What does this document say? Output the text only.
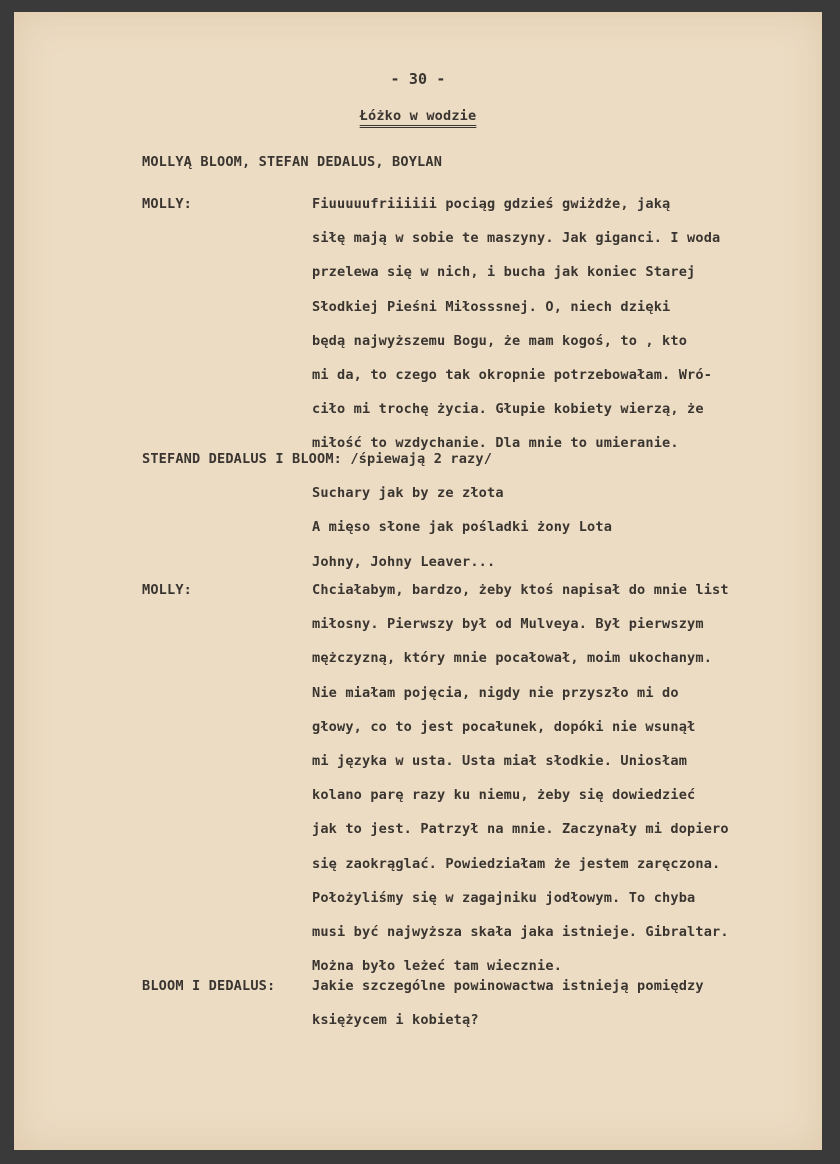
- 30 -
Łóżko w wodzie
MOLLYĄ BLOOM, STEFAN DEDALUS, BOYLAN
MOLLY:	Fiuuuuufriiiiii pociąg gdzieś gwiżdże, jaką
siłę mają w sobie te maszyny. Jak giganci. I woda
przelewa się w nich, i bucha jak koniec Starej
Słodkiej Pieśni Miłosssnej. O, niech dzięki
będą najwyższemu Bogu, że mam kogoś, to , kto
mi da, to czego tak okropnie potrzebowałam. Wró-
ciło mi trochę życia. Głupie kobiety wierzą, że
miłość to wzdychanie. Dla mnie to umieranie.
STEFAND DEDALUS I BLOOM: /śpiewają 2 razy/
Suchary jak by ze złota
A mięso słone jak pośladki żony Lota
Johny, Johny Leaver...
MOLLY:	Chciałabym, bardzo, żeby ktoś napisał do mnie list
miłosny. Pierwszy był od Mulveya. Był pierwszym
mężczyzną, który mnie pocałował, moim ukochanym.
Nie miałam pojęcia, nigdy nie przyszło mi do
głowy, co to jest pocałunek, dopóki nie wsunął
mi języka w usta. Usta miał słodkie. Uniosłam
kolano parę razy ku niemu, żeby się dowiedzieć
jak to jest. Patrzył na mnie. Zaczynały mi dopiero
się zaokrąglać. Powiedziałam że jestem zaręczona.
Położyliśmy się w zagajniku jodłowym. To chyba
musi być najwyższa skała jaka istnieje. Gibraltar.
Można było leżeć tam wiecznie.
BLOOM I DEDALUS:	Jakie szczególne powinowactwa istnieją pomiędzy
księżycem i kobietą?
